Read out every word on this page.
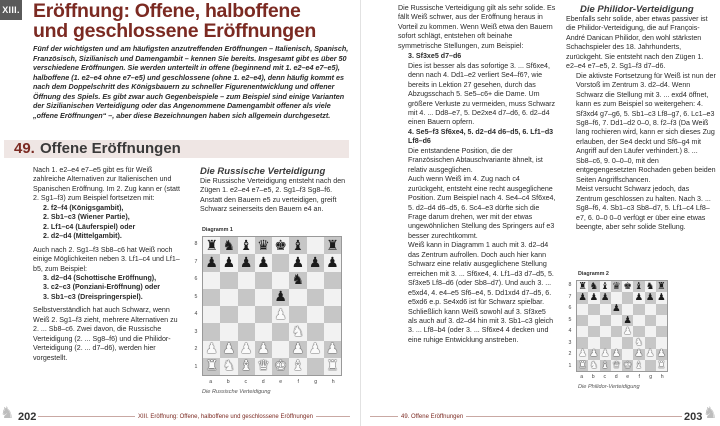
XIII. Eröffnung: Offene, halboffene
und geschlossene Eröffnungen
Fünf der wichtigsten und am häufigsten anzutreffenden Eröffnungen – Italienisch, Spanisch, Französisch, Sizilianisch und Damengambit – kennen Sie bereits. Insgesamt gibt es über 50 verschiedene Eröffnungen. Sie werden unterteilt in offene (beginnend mit 1. e2–e4 e7–e5), halboffene (1. e2–e4 ohne e7–e5) und geschlossene (ohne 1. e2–e4), denn häufig kommt es nach dem Doppelschritt des Königsbauern zu schneller Figurenentwicklung und offener Öffnung des Spiels. Es gibt zwar auch Gegenbeispiele – zum Beispiel sind einige Varianten der Sizilianischen Verteidigung oder das Angenommene Damengambit offener als viele „offene Eröffnungen“ –, aber diese Bezeichnungen haben sich allgemein durchgesetzt.
49. Offene Eröffnungen

Nach 1. e2–e4 e7–e5 gibt es für Weiß zahlreiche Alternativen zur Italienischen und Spanischen Eröffnung. Im 2. Zug kann er (statt 2. Sg1–f3) zum Beispiel fortsetzen mit:

2. f2–f4 (Königsgambit),
2. Sb1–c3 (Wiener Partie),
2. Lf1–c4 (Läuferspiel) oder
2. d2–d4 (Mittelgambit).

Auch nach 2. Sg1–f3 Sb8–c6 hat Weiß noch einige Möglichkeiten neben 3. Lf1–c4 und Lf1–b5, zum Beispiel:

3. d2–d4 (Schottische Eröffnung),
3. c2–c3 (Ponziani-Eröffnung) oder
3. Sb1–c3 (Dreispringerspiel).

Selbstverständlich hat auch Schwarz, wenn Weiß 2. Sg1–f3 zieht, mehrere Alternativen zu 2. ... Sb8–c6. Zwei davon, die Russische Verteidigung (2. ... Sg8–f6) und die Philidor-Verteidigung (2. ... d7–d6), werden hier vorgestellt.

Die Russische Verteidigung
Die Russische Verteidigung entsteht nach den Zügen 1. e2–e4 e7–e5, 2. Sg1–f3 Sg8–f6. Anstatt den Bauern e5 zu verteidigen, greift Schwarz seinerseits den Bauern e4 an.
Diagramm 1
8
7
6
5
4
3
2
1
♜ ♞ ♝ ♛ ♚ ♝ ♜
♟ ♟ ♟ ♟ ♟ ♟ ♟
♞
♟
♟
♞
♟ ♟ ♟ ♟ ♟ ♟ ♟
♜ ♞ ♝ ♛ ♚ ♝ ♜
a	b	c	d	e	f	g	h
Die Russische Verteidigung
♞ 202	XIII. Eröffnung: Offene, halboffene und geschlossene Eröffnungen

Die Russische Verteidigung gilt als sehr solide. Es fällt Weiß schwer, aus der Eröffnung heraus in Vorteil zu kommen. Wenn Weiß etwa den Bauern sofort schlägt, entstehen oft beinahe symmetrische Stellungen, zum Beispiel:

3. Sf3xe5 d7–d6

Dies ist besser als das sofortige 3. ... Sf6xe4, denn nach 4. Dd1–e2 verliert Se4–f6?, wie bereits in Lektion 27 gesehen, durch das Abzugsschach 5. Se5–c6+ die Dame. Um größere Verluste zu vermeiden, muss Schwarz mit 4. ... Dd8–e7, 5. De2xe4 d7–d6, 6. d2–d4 einen Bauern opfern.

4. Se5–f3 Sf6xe4, 5. d2–d4 d6–d5, 6. Lf1–d3 Lf8–d6

Die entstandene Position, die der Französischen Abtauschvariante ähnelt, ist relativ ausgeglichen.

Auch wenn Weiß im 4. Zug nach c4 zurückgeht, entsteht eine recht ausgeglichene Position. Zum Beispiel nach 4. Se4–c4 Sf6xe4, 5. d2–d4 d6–d5, 6. Sc4–e3 dürfte sich die Frage darum drehen, wer mit der etwas ungewöhnlichen Stellung des Springers auf e3 besser zurechtkommt.

Weiß kann in Diagramm 1 auch mit 3. d2–d4 das Zentrum aufrollen. Doch auch hier kann Schwarz eine relativ ausgeglichene Stellung erreichen mit 3. ... Sf6xe4, 4. Lf1–d3 d7–d5, 5. Sf3xe5 Lf8–d6 (oder Sb8–d7). Und auch 3. ... e5xd4, 4. e4–e5 Sf6–e4, 5. Dd1xd4 d7–d5, 6. e5xd6 e.p. Se4xd6 ist für Schwarz spielbar.

Schließlich kann Weiß sowohl auf 3. Sf3xe5 als auch auf 3. d2–d4 hin mit 3. Sb1–c3 gleich 3. ... Lf8–b4 (oder 3. ... Sf6xe4 4 decken und eine ruhige Entwicklung anstreben.

Die Philidor-Verteidigung

Ebenfalls sehr solide, aber etwas passiver ist die Philidor-Verteidigung, die auf François-André Danican Philidor, den wohl stärksten Schachspieler des 18. Jahrhunderts, zurückgeht. Sie entsteht nach den Zügen 1. e2–e4 e7–e5, 2. Sg1–f3 d7–d6.

Die aktivste Fortsetzung für Weiß ist nun der Vorstoß im Zentrum 3. d2–d4. Wenn Schwarz die Stellung mit 3. ... exd4 öffnet, kann es zum Beispiel so weitergehen: 4. Sf3xd4 g7–g6, 5. Sb1–c3 Lf8–g7, 6. Lc1–e3 Sg8–f6, 7. Dd1–d2 0–0, 8. f2–f3 (Da Weiß lang rochieren wird, kann er sich dieses Zug erlauben, der Se4 deckt und Sf6–g4 mit Angriff auf den Läufer verhindert.) 8. ... Sb8–c6, 9. 0–0–0, mit den entgegengesetzten Rochaden geben beiden Seiten Angriffschancen.

Meist versucht Schwarz jedoch, das Zentrum geschlossen zu halten. Nach 3. ... Sg8–f6, 4. Sb1–c3 Sb8–d7, 5. Lf1–c4 Lf8–e7, 6. 0–0 0–0 verfügt er über eine etwas beengte, aber sehr solide Stellung.

Diagramm 2
8
7
6
5
4
3
2
1
♜ ♞ ♝ ♛ ♚ ♝ ♞ ♜
♟ ♟ ♟	♟ ♟ ♟
♟
♟
♟
♞
♟ ♟ ♟ ♟ ♟ ♟ ♟
♜ ♞ ♝ ♛ ♚ ♝ ♜
a	b	c	d	e	f	g	h
Die Philidor-Verteidigung
49. Offene Eröffnungen	203 ♞
